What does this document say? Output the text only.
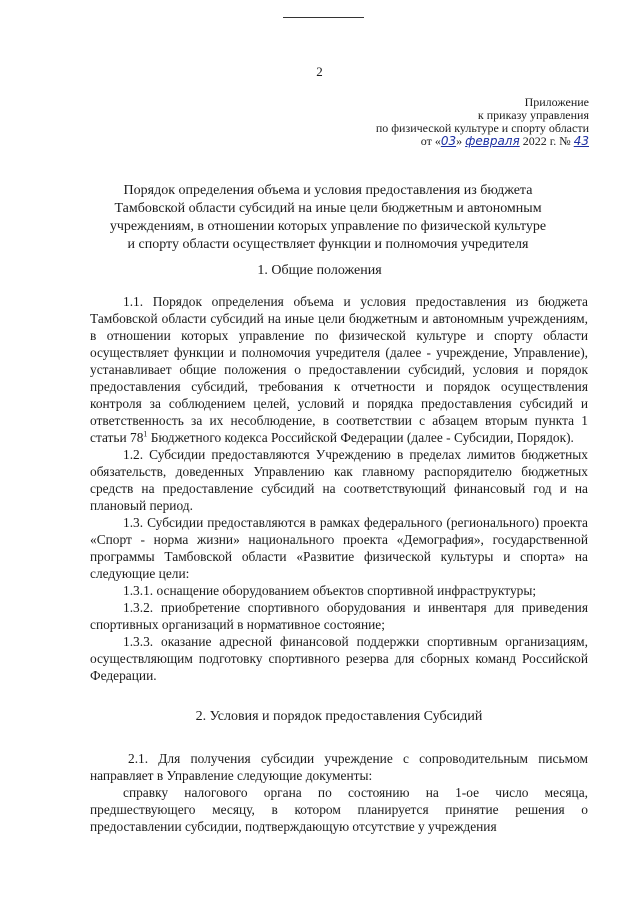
2
Приложение
к приказу управления
по физической культуре и спорту области
от «03» февраля 2022 г. № 43
Порядок определения объема и условия предоставления из бюджета
Тамбовской области субсидий на иные цели бюджетным и автономным
учреждениям, в отношении которых управление по физической культуре
и спорту области осуществляет функции и полномочия учредителя
1. Общие положения

1.1. Порядок определения объема и условия предоставления из бюджета Тамбовской области субсидий на иные цели бюджетным и автономным учреждениям, в отношении которых управление по физической культуре и спорту области осуществляет функции и полномочия учредителя (далее - учреждение, Управление), устанавливает общие положения о предоставлении субсидий, условия и порядок предоставления субсидий, требования к отчетности и порядок осуществления контроля за соблюдением целей, условий и порядка предоставления субсидий и ответственность за их несоблюдение, в соответствии с абзацем вторым пункта 1 статьи $78^1$ Бюджетного кодекса Российской Федерации (далее - Субсидии, Порядок).

1.2. Субсидии предоставляются Учреждению в пределах лимитов бюджетных обязательств, доведенных Управлению как главному распорядителю бюджетных средств на предоставление субсидий на соответствующий финансовый год и на плановый период.

1.3. Субсидии предоставляются в рамках федерального (регионального) проекта «Спорт - норма жизни» национального проекта «Демография», государственной программы Тамбовской области «Развитие физической культуры и спорта» на следующие цели:

1.3.1. оснащение оборудованием объектов спортивной инфраструктуры;

1.3.2. приобретение спортивного оборудования и инвентаря для приведения спортивных организаций в нормативное состояние;

1.3.3. оказание адресной финансовой поддержки спортивным организациям, осуществляющим подготовку спортивного резерва для сборных команд Российской Федерации.

2. Условия и порядок предоставления Субсидий

2.1. Для получения субсидии учреждение с сопроводительным письмом направляет в Управление следующие документы:

справку налогового органа по состоянию на 1-ое число месяца, предшествующего месяцу, в котором планируется принятие решения о предоставлении субсидии, подтверждающую отсутствие у учреждения
